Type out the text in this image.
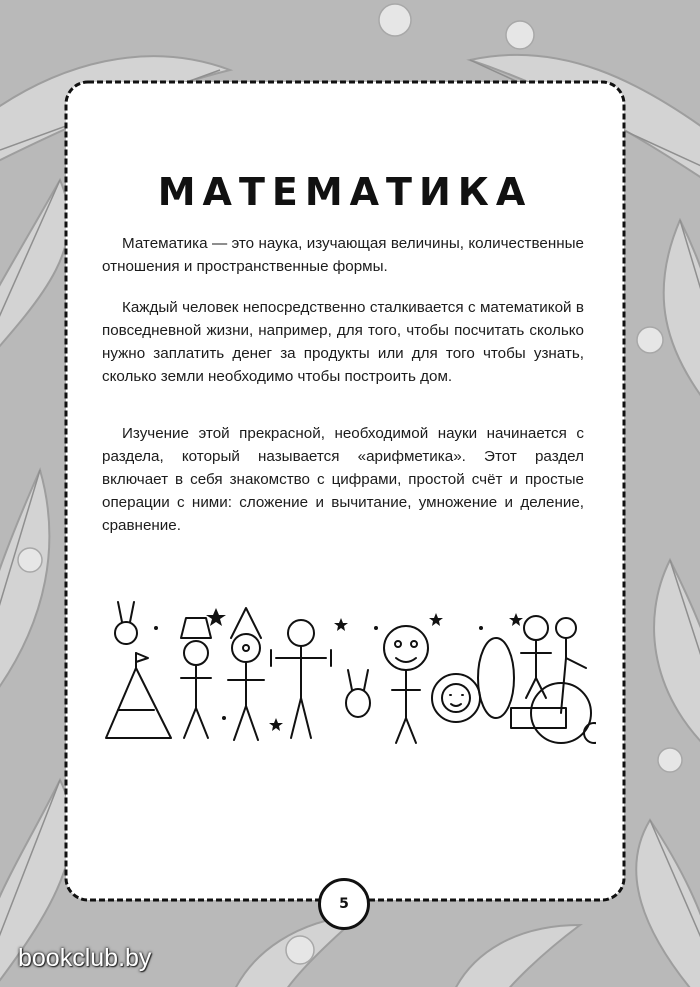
МАТЕМАТИКА

Математика — это наука, изучающая величины, количественные отношения и пространственные формы.

Каждый человек непосредственно сталкивается с математикой в повседневной жизни, например, для того, чтобы посчитать сколько нужно заплатить денег за продукты или для того чтобы узнать, сколько земли необходимо чтобы построить дом.

Изучение этой прекрасной, необходимой науки начинается с раздела, который называется «арифметика». Этот раздел включает в себя знакомство с цифрами, простой счёт и простые операции с ними: сложение и вычитание, умножение и деление, сравнение.

5
bookclub.by
